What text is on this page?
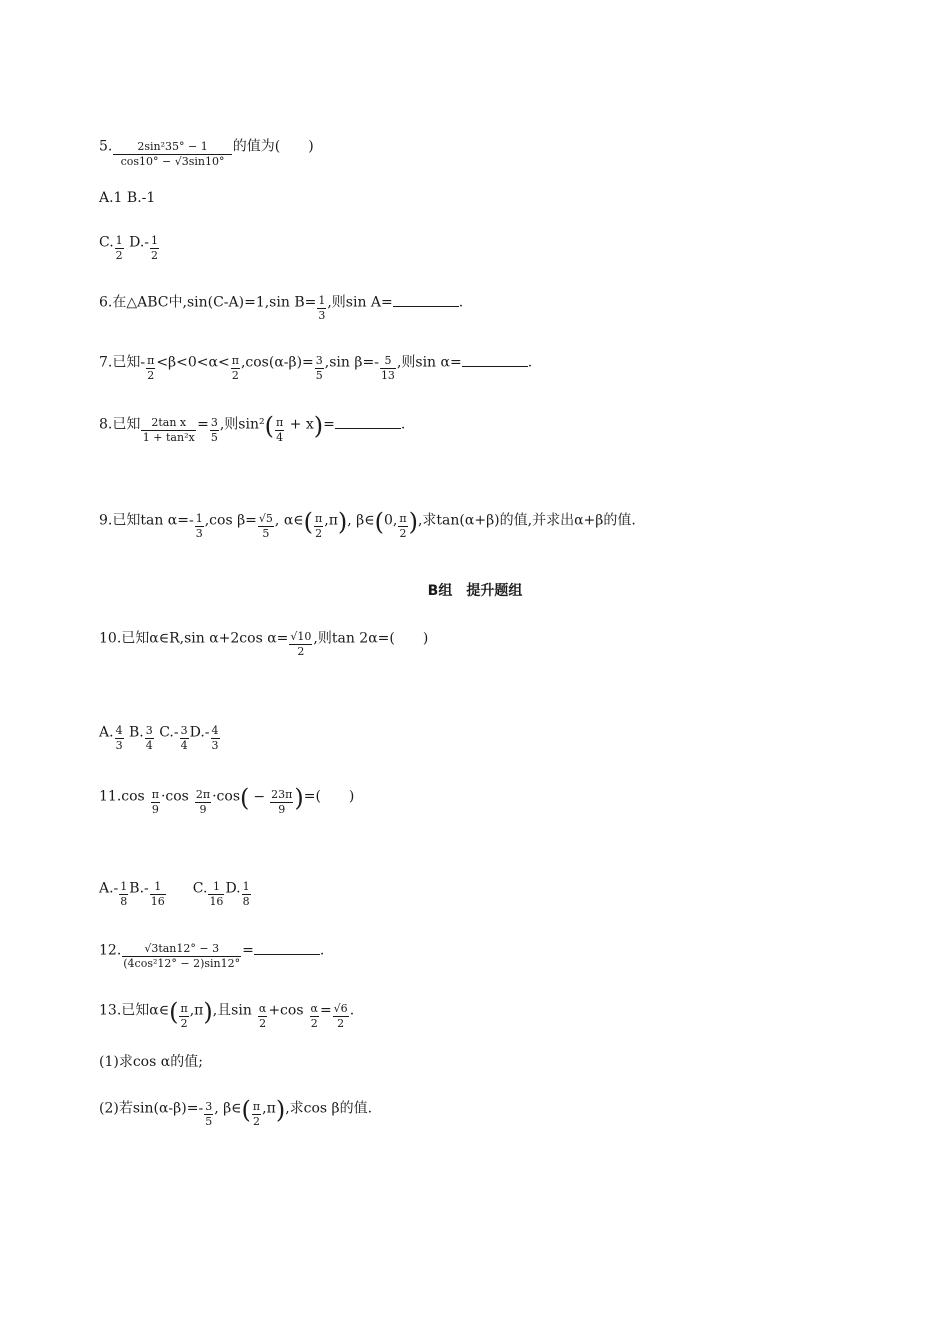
5. $\frac{\text{2sin²35° − 1}}{\cos 10^\circ - √3\sin 10^\circ}$ 的值为(　　)
A.1 B.-1
C. $\frac{1}{2} D.- \frac{1}{2}$
6.在△ABC中,sin(C-A)=1,sin $B= \frac{1}{3}$ ,则sin A=	.
7.已知- $\frac{\pi}{2} <\beta<0<\alpha< \frac{\pi}{2} ,\cos(\alpha-\beta)= \frac{3}{5} ,\sin$ $\beta=- \frac{5}{13}$ ,则sin α=	.
8.已知 $\frac{\text{2tan x}}{\text{1 + tan²x}} = \frac{3}{5}$ ,则$\sin^2( \frac{\pi}{4} + x)=$	.
9.已知$\tan \alpha=- \frac{1}{3} ,\cos$ $\beta= \frac{√5}{5}$ , α∈( $\frac{\pi}{2} ,\pi$), β∈(0, $\frac{\pi}{2}$ ),求tan(α+β)的值,并求出α+β的值.
B组　提升题组
10.已知α∈R,sin α+2cos $\alpha= \frac{√10}{2}$ ,则tan 2α=(　　)
A. $\frac{4}{3} B$. $\frac{3}{4} C.- \frac{3}{4} D.- \frac{4}{3}$
$11.\cos \frac{\pi}{9} \cdot\cos \frac{2\pi}{9} \cdot\cos( - \frac{23\pi}{9}$ )=(　　)
$A.- \frac{1}{8} B.- \frac{1}{16} C$. $\frac{1}{16} D$. $\frac{1}{8}$
12. $\frac{√3\tan 12^\circ - 3}{\text{(4cos²12° − 2)sin12°}}$ =	.
13.已知α∈( $\frac{\pi}{2} ,\pi$),且$\sin \frac{\alpha}{2} +\cos \frac{\alpha}{2} = \frac{√6}{2}$ .
(1)求cos α的值;
(2)若$\sin(\alpha-\beta)=- \frac{3}{5}$ , β∈( $\frac{\pi}{2} ,\pi$),求cos β的值.
